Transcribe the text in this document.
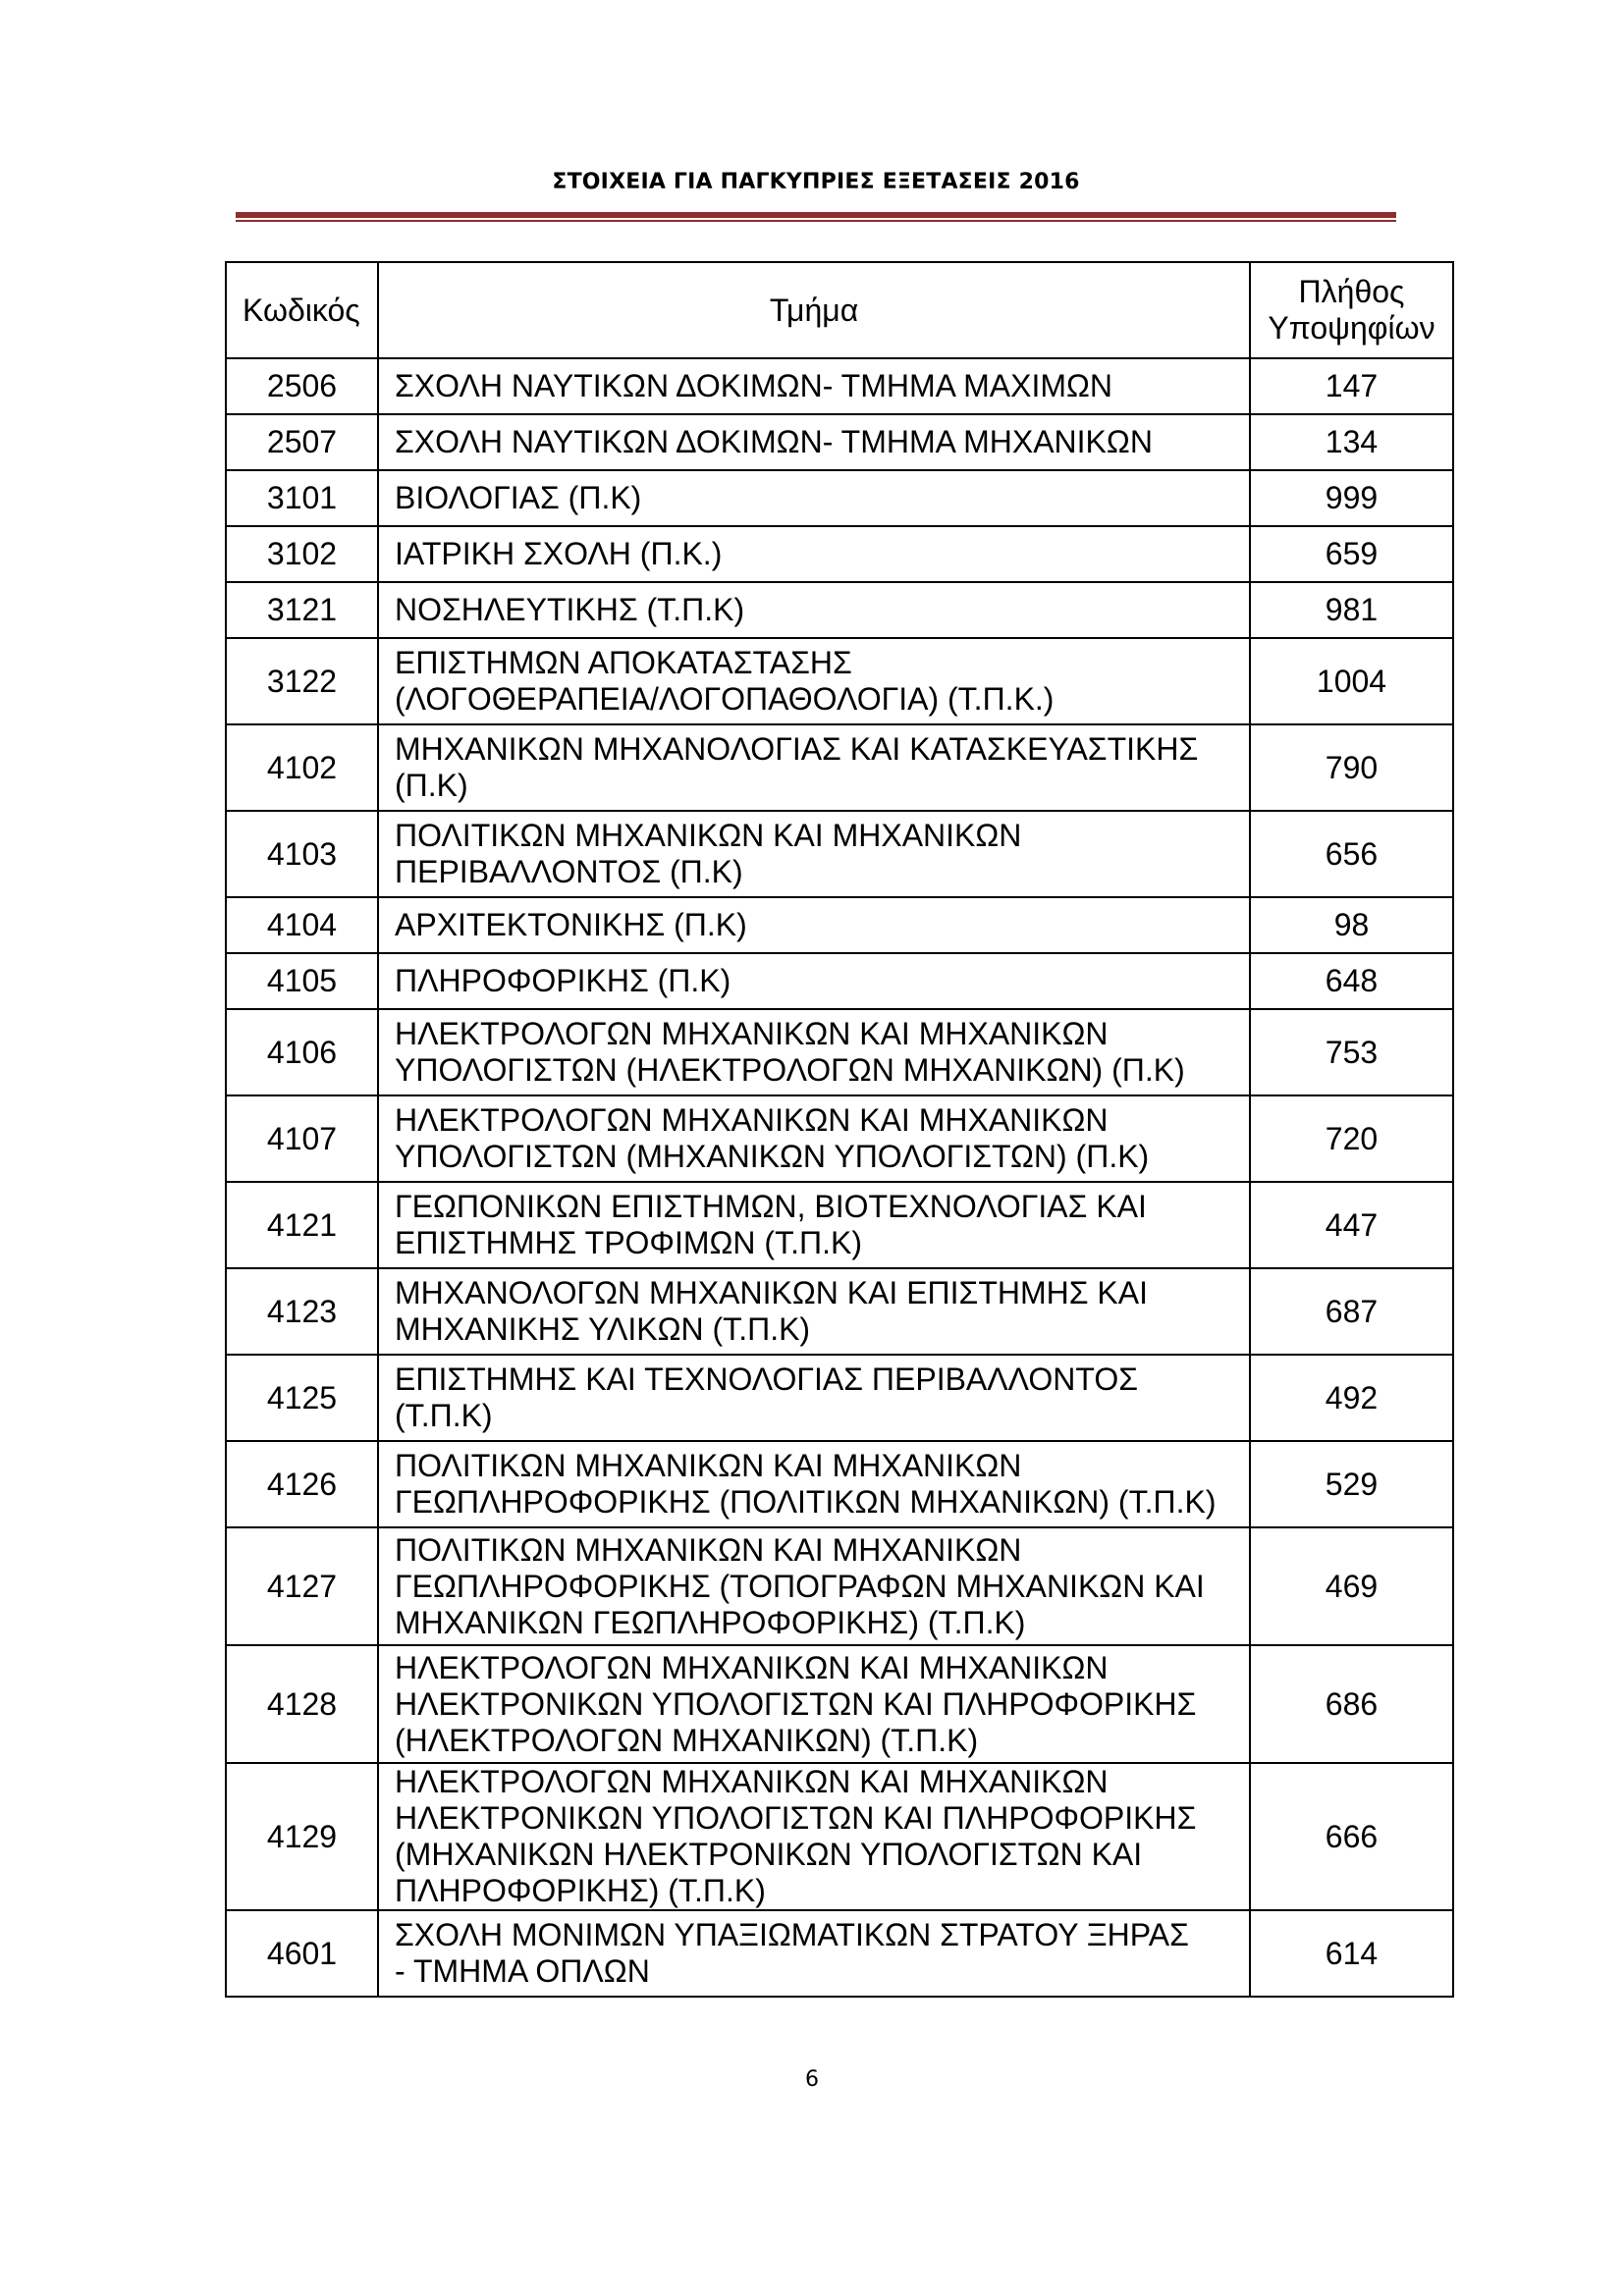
ΣΤΟΙΧΕΙΑ ΓΙΑ ΠΑΓΚΥΠΡΙΕΣ ΕΞΕΤΑΣΕΙΣ 2016
Κωδικός	Τμήμα	Πλήθος
Υποψηφίων
2506	ΣΧΟΛΗ ΝΑΥΤΙΚΩΝ ΔΟΚΙΜΩΝ- ΤΜΗΜΑ ΜΑΧΙΜΩΝ	147
2507	ΣΧΟΛΗ ΝΑΥΤΙΚΩΝ ΔΟΚΙΜΩΝ- ΤΜΗΜΑ ΜΗΧΑΝΙΚΩΝ	134
3101	ΒΙΟΛΟΓΙΑΣ (Π.Κ)	999
3102	ΙΑΤΡΙΚΗ ΣΧΟΛΗ (Π.Κ.)	659
3121	ΝΟΣΗΛΕΥΤΙΚΗΣ (Τ.Π.Κ)	981
3122	ΕΠΙΣΤΗΜΩΝ ΑΠΟΚΑΤΑΣΤΑΣΗΣ
(ΛΟΓΟΘΕΡΑΠΕΙΑ/ΛΟΓΟΠΑΘΟΛΟΓΙΑ) (Τ.Π.Κ.)	1004
4102	ΜΗΧΑΝΙΚΩΝ ΜΗΧΑΝΟΛΟΓΙΑΣ ΚΑΙ ΚΑΤΑΣΚΕΥΑΣΤΙΚΗΣ
(Π.Κ)	790
4103	ΠΟΛΙΤΙΚΩΝ ΜΗΧΑΝΙΚΩΝ ΚΑΙ ΜΗΧΑΝΙΚΩΝ
ΠΕΡΙΒΑΛΛΟΝΤΟΣ (Π.Κ)	656
4104	ΑΡΧΙΤΕΚΤΟΝΙΚΗΣ (Π.Κ)	98
4105	ΠΛΗΡΟΦΟΡΙΚΗΣ (Π.Κ)	648
4106	ΗΛΕΚΤΡΟΛΟΓΩΝ ΜΗΧΑΝΙΚΩΝ ΚΑΙ ΜΗΧΑΝΙΚΩΝ
ΥΠΟΛΟΓΙΣΤΩΝ (ΗΛΕΚΤΡΟΛΟΓΩΝ ΜΗΧΑΝΙΚΩΝ) (Π.Κ)	753
4107	ΗΛΕΚΤΡΟΛΟΓΩΝ ΜΗΧΑΝΙΚΩΝ ΚΑΙ ΜΗΧΑΝΙΚΩΝ
ΥΠΟΛΟΓΙΣΤΩΝ (ΜΗΧΑΝΙΚΩΝ ΥΠΟΛΟΓΙΣΤΩΝ) (Π.Κ)	720
4121	ΓΕΩΠΟΝΙΚΩΝ ΕΠΙΣΤΗΜΩΝ, ΒΙΟΤΕΧΝΟΛΟΓΙΑΣ ΚΑΙ
ΕΠΙΣΤΗΜΗΣ ΤΡΟΦΙΜΩΝ (Τ.Π.Κ)	447
4123	ΜΗΧΑΝΟΛΟΓΩΝ ΜΗΧΑΝΙΚΩΝ ΚΑΙ ΕΠΙΣΤΗΜΗΣ ΚΑΙ
ΜΗΧΑΝΙΚΗΣ ΥΛΙΚΩΝ (Τ.Π.Κ)	687
4125	ΕΠΙΣΤΗΜΗΣ ΚΑΙ ΤΕΧΝΟΛΟΓΙΑΣ ΠΕΡΙΒΑΛΛΟΝΤΟΣ
(Τ.Π.Κ)	492
4126	ΠΟΛΙΤΙΚΩΝ ΜΗΧΑΝΙΚΩΝ ΚΑΙ ΜΗΧΑΝΙΚΩΝ
ΓΕΩΠΛΗΡΟΦΟΡΙΚΗΣ (ΠΟΛΙΤΙΚΩΝ ΜΗΧΑΝΙΚΩΝ) (Τ.Π.Κ)	529
4127	ΠΟΛΙΤΙΚΩΝ ΜΗΧΑΝΙΚΩΝ ΚΑΙ ΜΗΧΑΝΙΚΩΝ
ΓΕΩΠΛΗΡΟΦΟΡΙΚΗΣ (ΤΟΠΟΓΡΑΦΩΝ ΜΗΧΑΝΙΚΩΝ ΚΑΙ
ΜΗΧΑΝΙΚΩΝ ΓΕΩΠΛΗΡΟΦΟΡΙΚΗΣ) (Τ.Π.Κ)	469
4128	ΗΛΕΚΤΡΟΛΟΓΩΝ ΜΗΧΑΝΙΚΩΝ ΚΑΙ ΜΗΧΑΝΙΚΩΝ
ΗΛΕΚΤΡΟΝΙΚΩΝ ΥΠΟΛΟΓΙΣΤΩΝ ΚΑΙ ΠΛΗΡΟΦΟΡΙΚΗΣ
(ΗΛΕΚΤΡΟΛΟΓΩΝ ΜΗΧΑΝΙΚΩΝ) (Τ.Π.Κ)	686
4129	ΗΛΕΚΤΡΟΛΟΓΩΝ ΜΗΧΑΝΙΚΩΝ ΚΑΙ ΜΗΧΑΝΙΚΩΝ
ΗΛΕΚΤΡΟΝΙΚΩΝ ΥΠΟΛΟΓΙΣΤΩΝ ΚΑΙ ΠΛΗΡΟΦΟΡΙΚΗΣ
(ΜΗΧΑΝΙΚΩΝ ΗΛΕΚΤΡΟΝΙΚΩΝ ΥΠΟΛΟΓΙΣΤΩΝ ΚΑΙ
ΠΛΗΡΟΦΟΡΙΚΗΣ) (Τ.Π.Κ)	666
4601	ΣΧΟΛΗ ΜΟΝΙΜΩΝ ΥΠΑΞΙΩΜΑΤΙΚΩΝ ΣΤΡΑΤΟΥ ΞΗΡΑΣ
- ΤΜΗΜΑ ΟΠΛΩΝ	614
6
